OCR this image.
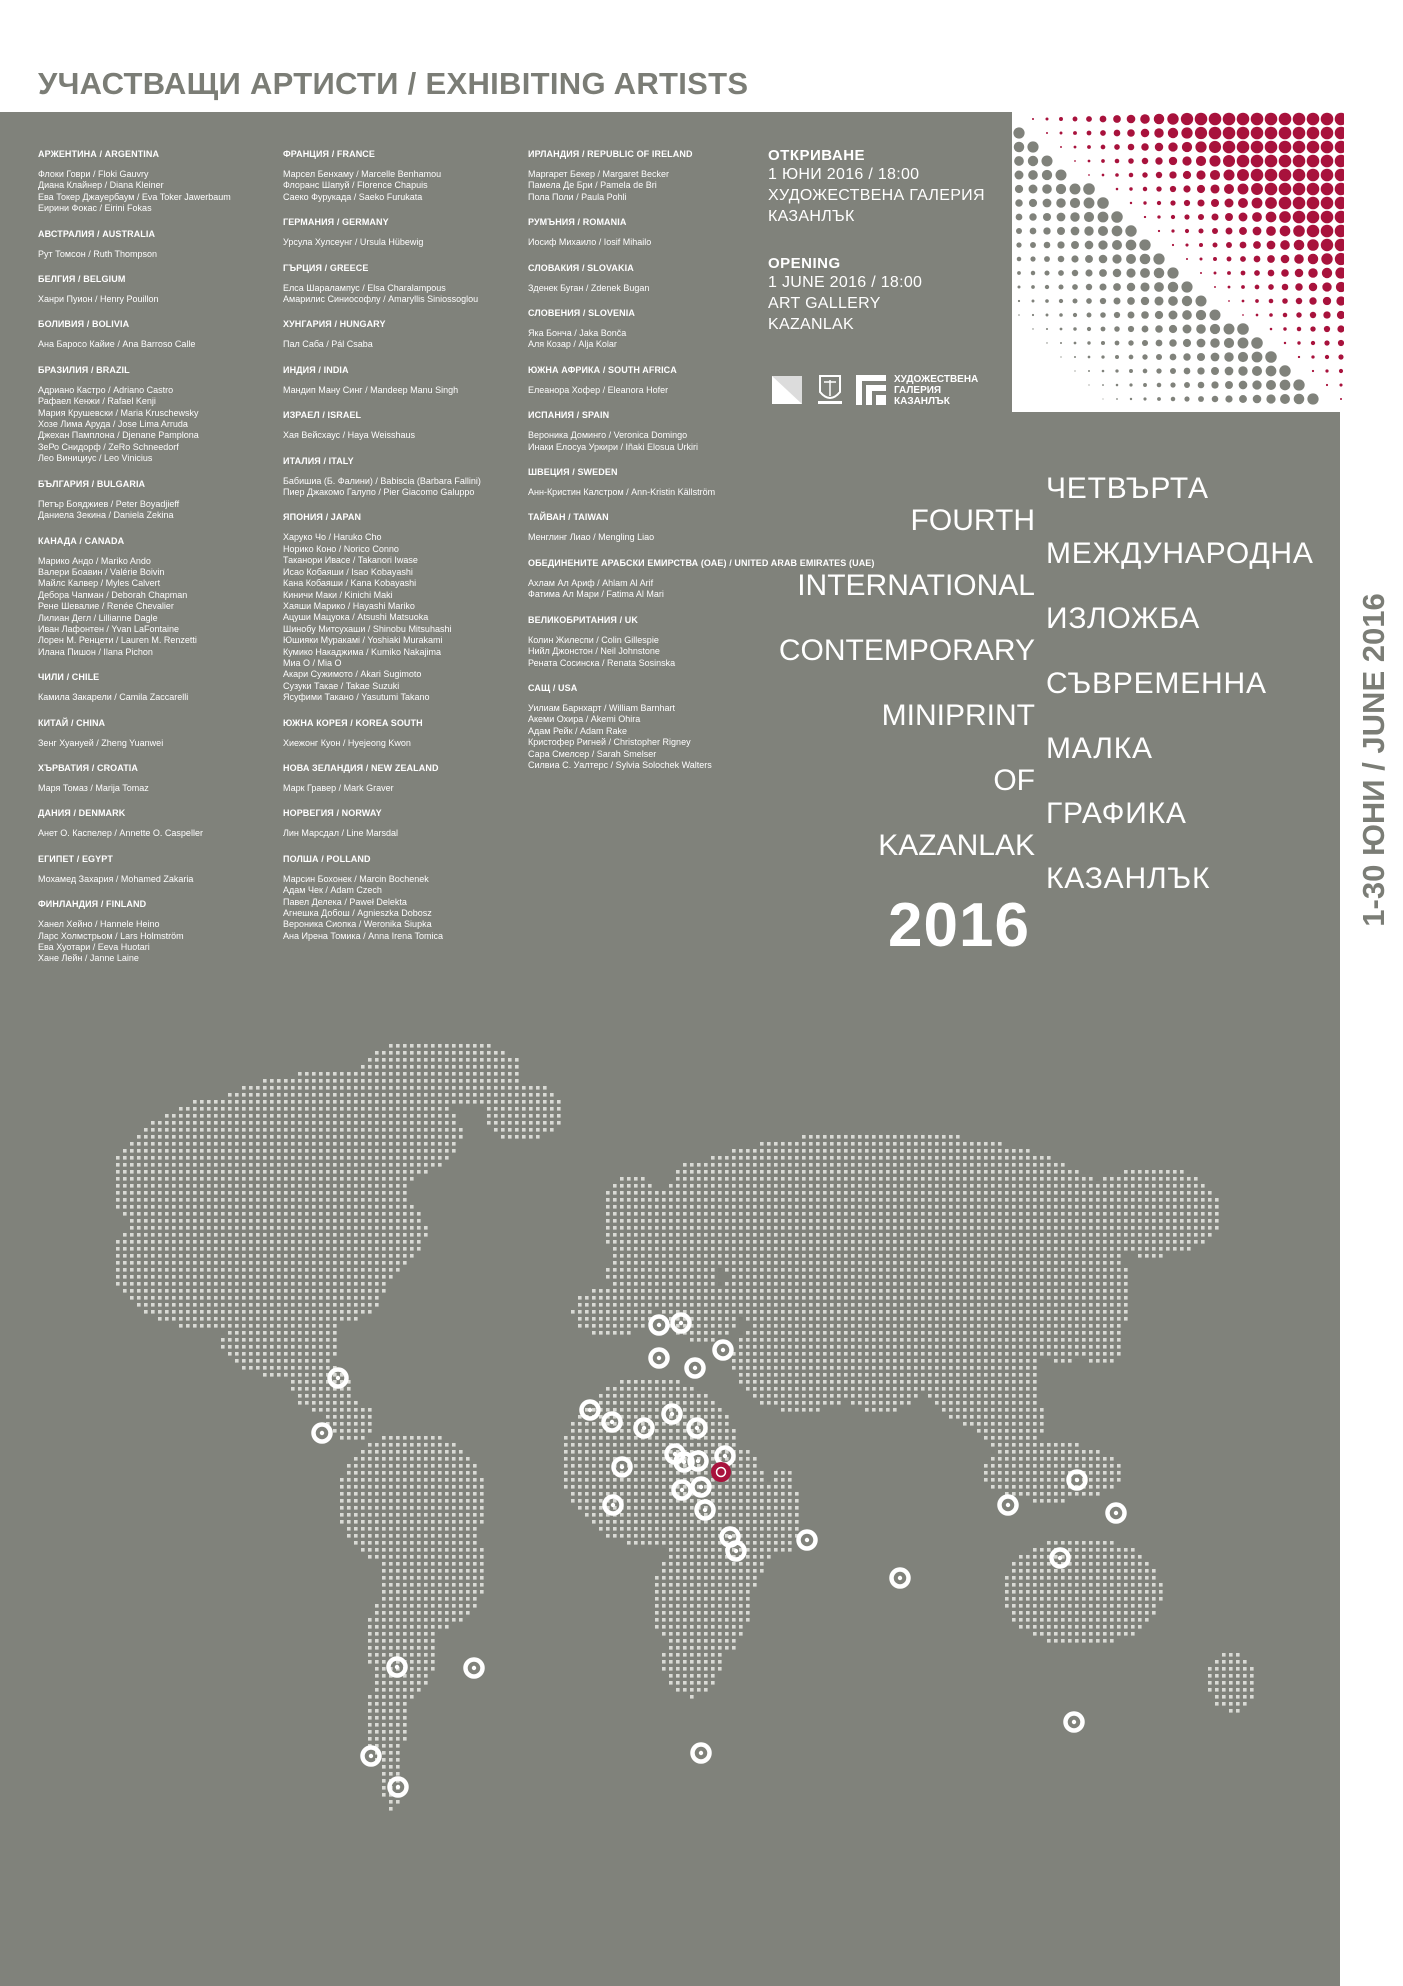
УЧАСТВАЩИ АРТИСТИ / EXHIBITING ARTISTS
АРЖЕНТИНА / ARGENTINA
Флоки Говри / Floki Gauvry
Диана Клайнер / Diana Kleiner
Ева Токер Джауербаум / Eva Toker Jawerbaum
Еирини Фокас / Eirini Fokas
АВСТРАЛИЯ / AUSTRALIA
Рут Томсон / Ruth Thompson
БЕЛГИЯ / BELGIUM
Ханри Пуион / Henry Pouillon
БОЛИВИЯ / BOLIVIA
Ана Баросо Кайие / Ana Barroso Calle
БРАЗИЛИЯ / BRAZIL
Адриано Кастро / Adriano Castro
Рафаел Кенжи / Rafael Kenji
Мария Крушевски / Maria Kruschewsky
Хозе Лима Аруда / Jose Lima Arruda
Джехан Памплона / Djenane Pamplona
ЗеРо Снидорф / ZeRo Schneedorf
Лео Винициус / Leo Vinicius
БЪЛГАРИЯ / BULGARIA
Петър Бояджиев / Peter Boyadjieff
Даниела Зекина / Daniela Zekina
КАНАДА / CANADA
Марико Андо / Mariko Ando
Валери Боавин / Valérie Boivin
Майлс Калвер / Myles Calvert
Дебора Чапман / Deborah Chapman
Рене Шевалие / Renée Chevalier
Лилиан Дегл / Lillianne Dagle
Иван Лафонтен / Yvan LaFontaine
Лорен М. Ренцети / Lauren M. Renzetti
Илана Пишон / Ilana Pichon
ЧИЛИ / CHILE
Камила Закарели / Camila Zaccarelli
КИТАЙ / CHINA
Зенг Хуануей / Zheng Yuanwei
ХЪРВАТИЯ / CROATIA
Маря Томаз / Marija Tomaz
ДАНИЯ / DENMARK
Анет О. Каспелер / Annette O. Caspeller
ЕГИПЕТ / EGYPT
Мохамед Захария / Mohamed Zakaria
ФИНЛАНДИЯ / FINLAND
Ханел Хейно / Hannele Heino
Ларс Холмстрьом / Lars Holmström
Ева Хуотари / Eeva Huotari
Хане Лейн / Janne Laine
ФРАНЦИЯ / FRANCE
Марсел Бенхаму / Marcelle Benhamou
Флоранс Шапуй / Florence Chapuis
Саеко Фурукада / Saeko Furukata
ГЕРМАНИЯ / GERMANY
Урсула Хулсеунг / Ursula Hübewig
ГЪРЦИЯ / GREECE
Елса Шаралампус / Elsa Charalampous
Амарилис Синиософлу / Amaryllis Siniossoglou
ХУНГАРИЯ / HUNGARY
Пал Саба / Pál Csaba
ИНДИЯ / INDIA
Мандип Ману Синг / Mandeep Manu Singh
ИЗРАЕЛ / ISRAEL
Хая Вейсхаус / Haya Weisshaus
ИТАЛИЯ / ITALY
Бабишиа (Б. Фалини) / Babiscia (Barbara Fallini)
Пиер Джакомо Галупо / Pier Giacomo Galuppo
ЯПОНИЯ / JAPAN
Харуко Чо / Haruko Cho
Норико Коно / Norico Conno
Таканори Ивасе / Takanori Iwase
Исао Кобаяши / Isao Kobayashi
Кана Кобаяши / Kana Kobayashi
Киничи Маки / Kinichi Maki
Хаяши Марико / Hayashi Mariko
Ацуши Мацуока / Atsushi Matsuoka
Шинобу Митсухаши / Shinobu Mitsuhashi
Юшияки Муракамi / Yoshiaki Murakami
Кумико Накаджима / Kumiko Nakajima
Миа О / Mia O
Акари Сужимото / Akari Sugimoto
Сузуки Такае / Takae Suzuki
Ясуфими Такано / Yasutumi Takano
ЮЖНА КОРЕЯ / KOREA SOUTH
Хиежонг Куон / Hyejeong Kwon
НОВА ЗЕЛАНДИЯ / NEW ZEALAND
Марк Гравер / Mark Graver
НОРВЕГИЯ / NORWAY
Лин Марсдал / Line Marsdal
ПОЛША / POLLAND
Марсин Бохонек / Marcin Bochenek
Адам Чек / Adam Czech
Павел Делека / Paweł Delekta
Агнешка Добош / Agnieszka Dobosz
Вероника Сиопка / Weronika Siupka
Ана Ирена Томика / Anna Irena Tomica
ИРЛАНДИЯ / REPUBLIC OF IRELAND
Маргарет Бекер / Margaret Becker
Памела Де Бри / Pamela de Bri
Пола Поли / Paula Pohli
РУМЪНИЯ / ROMANIA
Иосиф Михаило / Iosif Mihailo
СЛОВАКИЯ / SLOVAKIA
Зденек Буган / Zdenek Bugan
СЛОВЕНИЯ / SLOVENIA
Яка Бонча / Jaka Bonča
Аля Козар / Alja Kolar
ЮЖНА АФРИКА / SOUTH AFRICA
Елеанора Хофер / Eleanora Hofer
ИСПАНИЯ / SPAIN
Вероника Доминго / Veronica Domingo
Инаки Елосуа Уркири / Iñaki Elosua Urkiri
ШВЕЦИЯ / SWEDEN
Анн-Кристин Калстром / Ann-Kristin Källström
ТАЙВАН / TAIWAN
Менглинг Лиао / Mengling Liao
ОБЕДИНЕНИТЕ АРАБСКИ ЕМИРСТВА (ОАЕ) / UNITED ARAB EMIRATES (UAE)
Ахлам Ал Ариф / Ahlam Al Arif
Фатима Ал Мари / Fatima Al Mari
ВЕЛИКОБРИТАНИЯ / UK
Колин Жилеспи / Colin Gillespie
Нийл Джонстон / Neil Johnstone
Рената Сосинска / Renata Sosinska
САЩ / USA
Уилиам Барнхарт / William Barnhart
Акеми Охира / Akemi Ohira
Адам Рейк / Adam Rake
Кристофер Ригней / Christopher Rigney
Сара Смелсер / Sarah Smelser
Силвиа С. Уалтерс / Sylvia Solochek Walters
ОТКРИВАНЕ
1 ЮНИ 2016 / 18:00
ХУДОЖЕСТВЕНА ГАЛЕРИЯ
КАЗАНЛЪК
OPENING
1 JUNE 2016 / 18:00
ART GALLERY
KAZANLAK
ХУДОЖЕСТВЕНА
ГАЛЕРИЯ
КАЗАНЛЪК
FOURTH
INTERNATIONAL
CONTEMPORARY
MINIPRINT
OF
KAZANLAK
ЧЕТВЪРТА
МЕЖДУНАРОДНА
ИЗЛОЖБА
СЪВРЕМЕННА
МАЛКА
ГРАФИКА
КАЗАНЛЪК
2016	1-30 ЮНИ / JUNE 2016
